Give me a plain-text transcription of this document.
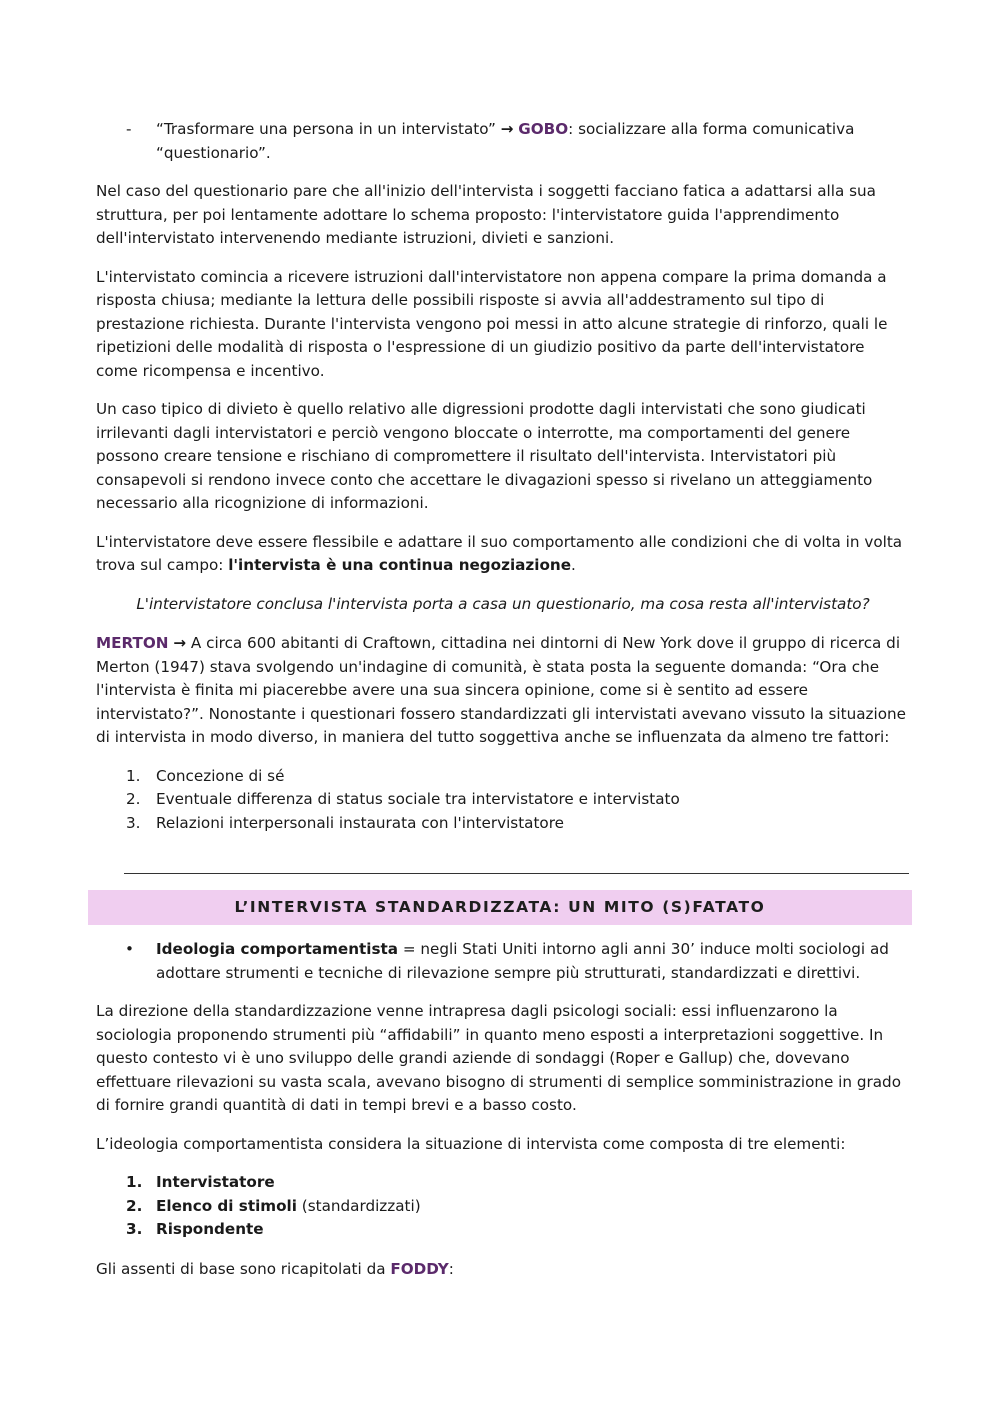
- “Trasformare una persona in un intervistato” → GOBO: socializzare alla forma comunicativa “questionario”.

Nel caso del questionario pare che all'inizio dell'intervista i soggetti facciano fatica a adattarsi alla sua struttura, per poi lentamente adottare lo schema proposto: l'intervistatore guida l'apprendimento dell'intervistato intervenendo mediante istruzioni, divieti e sanzioni.

L'intervistato comincia a ricevere istruzioni dall'intervistatore non appena compare la prima domanda a risposta chiusa; mediante la lettura delle possibili risposte si avvia all'addestramento sul tipo di prestazione richiesta. Durante l'intervista vengono poi messi in atto alcune strategie di rinforzo, quali le ripetizioni delle modalità di risposta o l'espressione di un giudizio positivo da parte dell'intervistatore come ricompensa e incentivo.

Un caso tipico di divieto è quello relativo alle digressioni prodotte dagli intervistati che sono giudicati irrilevanti dagli intervistatori e perciò vengono bloccate o interrotte, ma comportamenti del genere possono creare tensione e rischiano di compromettere il risultato dell'intervista. Intervistatori più consapevoli si rendono invece conto che accettare le divagazioni spesso si rivelano un atteggiamento necessario alla ricognizione di informazioni.

L'intervistatore deve essere flessibile e adattare il suo comportamento alle condizioni che di volta in volta trova sul campo: l'intervista è una continua negoziazione.

L'intervistatore conclusa l'intervista porta a casa un questionario, ma cosa resta all'intervistato?

MERTON → A circa 600 abitanti di Craftown, cittadina nei dintorni di New York dove il gruppo di ricerca di Merton (1947) stava svolgendo un'indagine di comunità, è stata posta la seguente domanda: “Ora che l'intervista è finita mi piacerebbe avere una sua sincera opinione, come si è sentito ad essere intervistato?”. Nonostante i questionari fossero standardizzati gli intervistati avevano vissuto la situazione di intervista in modo diverso, in maniera del tutto soggettiva anche se influenzata da almeno tre fattori:

1. Concezione di sé
2. Eventuale differenza di status sociale tra intervistatore e intervistato
3. Relazioni interpersonali instaurata con l'intervistatore
L’INTERVISTA STANDARDIZZATA: UN MITO (S)FATATO
• Ideologia comportamentista = negli Stati Uniti intorno agli anni 30’ induce molti sociologi ad adottare strumenti e tecniche di rilevazione sempre più strutturati, standardizzati e direttivi.

La direzione della standardizzazione venne intrapresa dagli psicologi sociali: essi influenzarono la sociologia proponendo strumenti più “affidabili” in quanto meno esposti a interpretazioni soggettive. In questo contesto vi è uno sviluppo delle grandi aziende di sondaggi (Roper e Gallup) che, dovevano effettuare rilevazioni su vasta scala, avevano bisogno di strumenti di semplice somministrazione in grado di fornire grandi quantità di dati in tempi brevi e a basso costo.

L’ideologia comportamentista considera la situazione di intervista come composta di tre elementi:

1. Intervistatore
2. Elenco di stimoli (standardizzati)
3. Rispondente

Gli assenti di base sono ricapitolati da FODDY:
